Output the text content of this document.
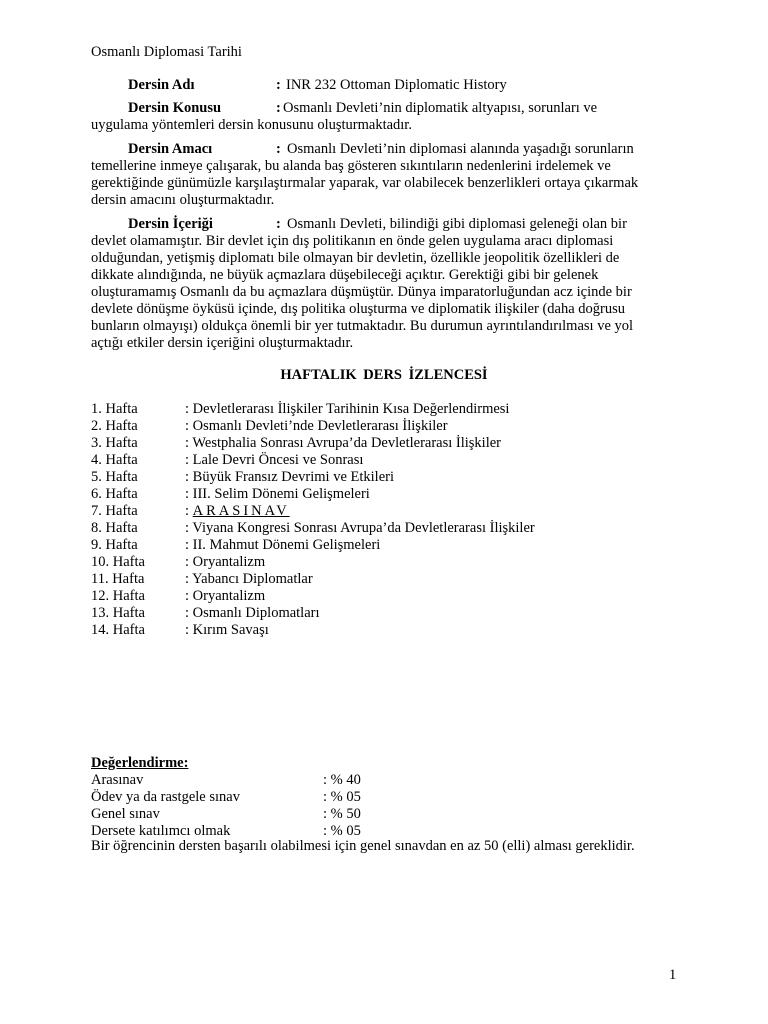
Osmanlı Diplomasi Tarihi
Dersin Adı	: INR 232 Ottoman Diplomatic History
Dersin Konusu	: Osmanlı Devleti’nin diplomatik altyapısı, sorunları ve
uygulama yöntemleri dersin konusunu oluşturmaktadır.
Dersin Amacı	: Osmanlı Devleti’nin diplomasi alanında yaşadığı sorunların
temellerine inmeye çalışarak, bu alanda baş gösteren sıkıntıların nedenlerini irdelemek ve
gerektiğinde günümüzle karşılaştırmalar yaparak, var olabilecek benzerlikleri ortaya çıkarmak
dersin amacını oluşturmaktadır.
Dersin İçeriği	: Osmanlı Devleti, bilindiği gibi diplomasi geleneği olan bir
devlet olamamıştır. Bir devlet için dış politikanın en önde gelen uygulama aracı diplomasi
olduğundan, yetişmiş diplomatı bile olmayan bir devletin, özellikle jeopolitik özellikleri de
dikkate alındığında, ne büyük açmazlara düşebileceği açıktır. Gerektiği gibi bir gelenek
oluşturamamış Osmanlı da bu açmazlara düşmüştür. Dünya imparatorluğundan acz içinde bir
devlete dönüşme öyküsü içinde, dış politika oluşturma ve diplomatik ilişkiler (daha doğrusu
bunların olmayışı) oldukça önemli bir yer tutmaktadır. Bu durumun ayrıntılandırılması ve yol
açtığı etkiler dersin içeriğini oluşturmaktadır.
HAFTALIK DERS İZLENCESİ
1. Hafta	: Devletlerarası İlişkiler Tarihinin Kısa Değerlendirmesi
2. Hafta	: Osmanlı Devleti’nde Devletlerarası İlişkiler
3. Hafta	: Westphalia Sonrası Avrupa’da Devletlerarası İlişkiler
4. Hafta	: Lale Devri Öncesi ve Sonrası
5. Hafta	: Büyük Fransız Devrimi ve Etkileri
6. Hafta	: III. Selim Dönemi Gelişmeleri
7. Hafta	: ARASINAV
8. Hafta	: Viyana Kongresi Sonrası Avrupa’da Devletlerarası İlişkiler
9. Hafta	: II. Mahmut Dönemi Gelişmeleri
10. Hafta	: Oryantalizm
11. Hafta	: Yabancı Diplomatlar
12. Hafta	: Oryantalizm
13. Hafta	: Osmanlı Diplomatları
14. Hafta	: Kırım Savaşı
Değerlendirme:
Arasınav	: % 40
Ödev ya da rastgele sınav	: % 05
Genel sınav	: % 50
Dersete katılımcı olmak	: % 05
Bir öğrencinin dersten başarılı olabilmesi için genel sınavdan en az 50 (elli) alması gereklidir.
1
